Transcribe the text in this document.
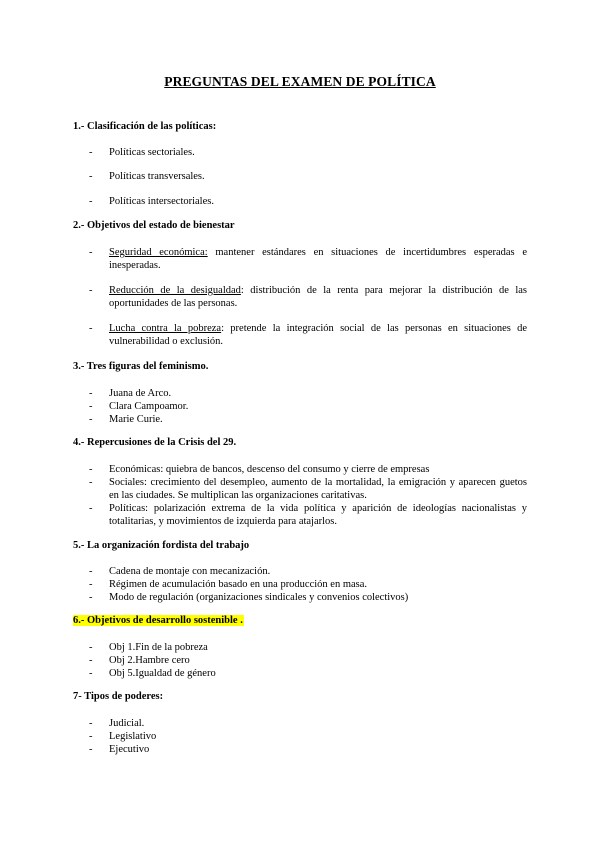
PREGUNTAS DEL EXAMEN DE POLÍTICA
1.- Clasificación de las políticas:
- Políticas sectoriales.
- Políticas transversales.
- Políticas intersectoriales.
2.- Objetivos del estado de bienestar
- Seguridad económica: mantener estándares en situaciones de incertidumbres esperadas e inesperadas.
- Reducción de la desigualdad: distribución de la renta para mejorar la distribución de las oportunidades de las personas.
- Lucha contra la pobreza: pretende la integración social de las personas en situaciones de vulnerabilidad o exclusión.
3.- Tres figuras del feminismo.
- Juana de Arco.
- Clara Campoamor.
- Marie Curie.
4.- Repercusiones de la Crisis del 29.
- Económicas: quiebra de bancos, descenso del consumo y cierre de empresas
- Sociales: crecimiento del desempleo, aumento de la mortalidad, la emigración y aparecen guetos en las ciudades. Se multiplican las organizaciones caritativas.
- Políticas: polarización extrema de la vida política y aparición de ideologías nacionalistas y totalitarias, y movimientos de izquierda para atajarlos.
5.- La organización fordista del trabajo
- Cadena de montaje con mecanización.
- Régimen de acumulación basado en una producción en masa.
- Modo de regulación (organizaciones sindicales y convenios colectivos)
6.- Objetivos de desarrollo sostenible .
- Obj 1.Fin de la pobreza
- Obj 2.Hambre cero
- Obj 5.Igualdad de género
7- Tipos de poderes:
- Judicial.
- Legislativo
- Ejecutivo
